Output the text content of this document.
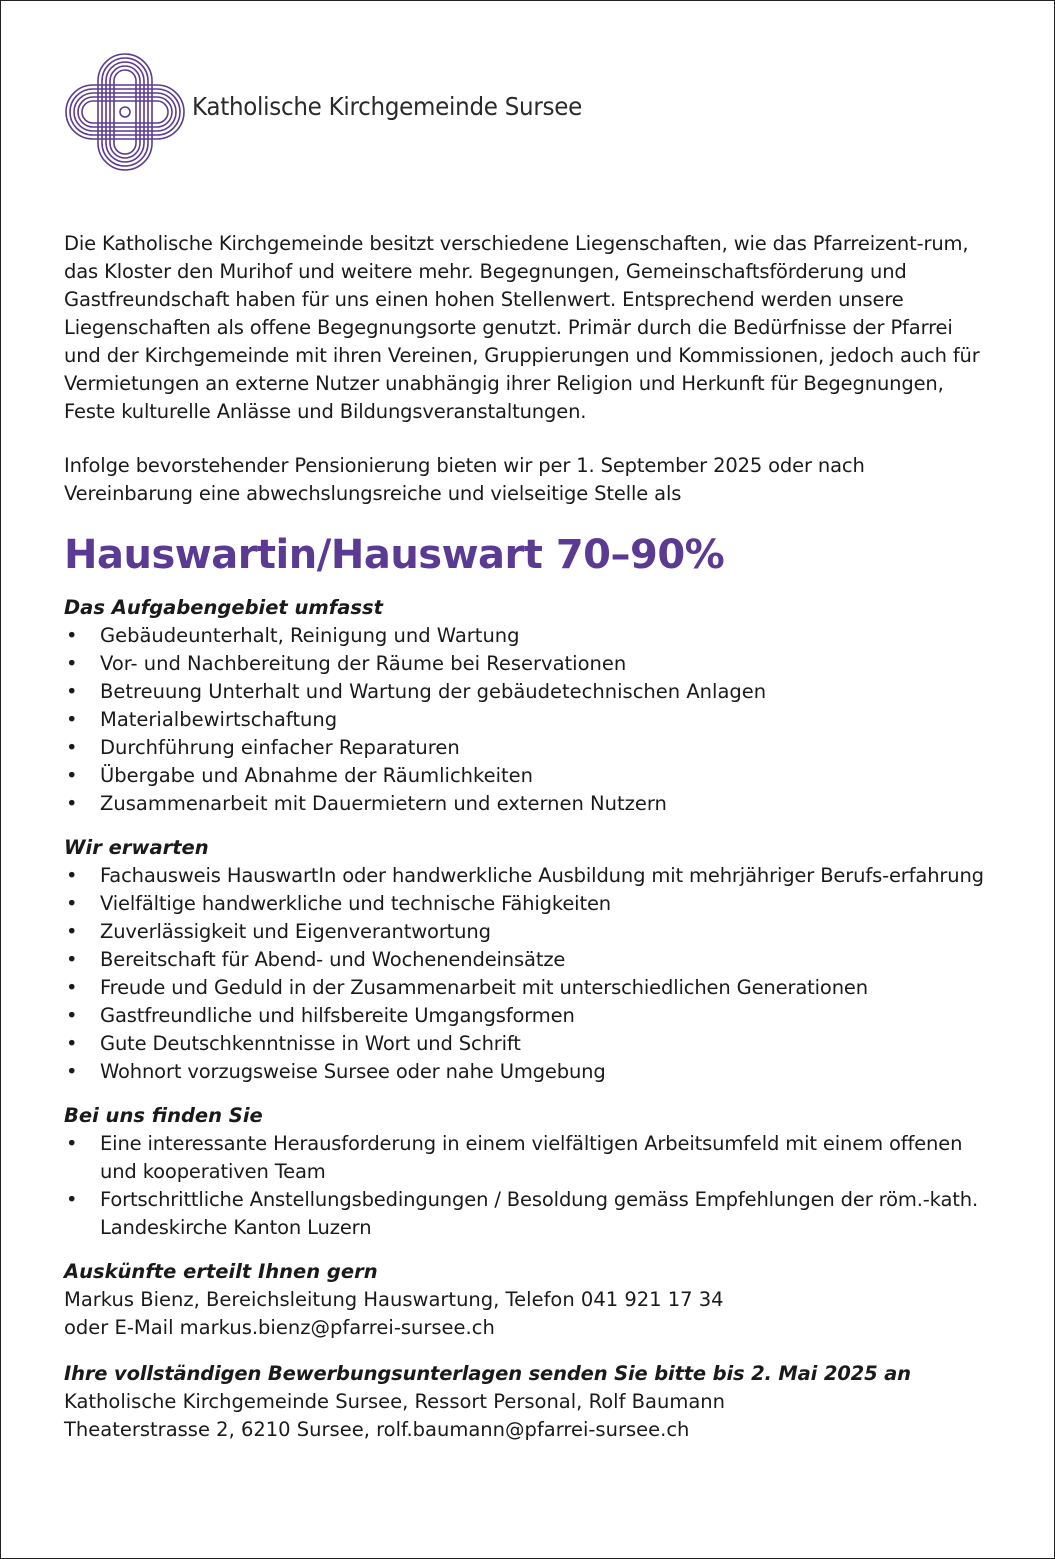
Katholische Kirchgemeinde Sursee

Die Katholische Kirchgemeinde besitzt verschiedene Liegenschaften, wie das Pfarreizent-rum, das Kloster den Murihof und weitere mehr. Begegnungen, Gemeinschaftsförderung und Gastfreundschaft haben für uns einen hohen Stellenwert. Entsprechend werden unsere Liegenschaften als offene Begegnungsorte genutzt. Primär durch die Bedürfnisse der Pfarrei und der Kirchgemeinde mit ihren Vereinen, Gruppierungen und Kommissionen, jedoch auch für Vermietungen an externe Nutzer unabhängig ihrer Religion und Herkunft für Begegnungen, Feste kulturelle Anlässe und Bildungsveranstaltungen.

Infolge bevorstehender Pensionierung bieten wir per 1. September 2025 oder nach Vereinbarung eine abwechslungsreiche und vielseitige Stelle als

Hauswartin/Hauswart 70–90%

Das Aufgabengebiet umfasst

• Gebäudeunterhalt, Reinigung und Wartung
• Vor- und Nachbereitung der Räume bei Reservationen
• Betreuung Unterhalt und Wartung der gebäudetechnischen Anlagen
• Materialbewirtschaftung
• Durchführung einfacher Reparaturen
• Übergabe und Abnahme der Räumlichkeiten
• Zusammenarbeit mit Dauermietern und externen Nutzern

Wir erwarten

• Fachausweis HauswartIn oder handwerkliche Ausbildung mit mehrjähriger Berufs-erfahrung
• Vielfältige handwerkliche und technische Fähigkeiten
• Zuverlässigkeit und Eigenverantwortung
• Bereitschaft für Abend- und Wochenendeinsätze
• Freude und Geduld in der Zusammenarbeit mit unterschiedlichen Generationen
• Gastfreundliche und hilfsbereite Umgangsformen
• Gute Deutschkenntnisse in Wort und Schrift
• Wohnort vorzugsweise Sursee oder nahe Umgebung

Bei uns finden Sie

• Eine interessante Herausforderung in einem vielfältigen Arbeitsumfeld mit einem offenen und kooperativen Team
• Fortschrittliche Anstellungsbedingungen / Besoldung gemäss Empfehlungen der röm.-kath. Landeskirche Kanton Luzern

Auskünfte erteilt Ihnen gern

Markus Bienz, Bereichsleitung Hauswartung, Telefon 041 921 17 34

oder E-Mail markus.bienz@pfarrei-sursee.ch

Ihre vollständigen Bewerbungsunterlagen senden Sie bitte bis 2. Mai 2025 an

Katholische Kirchgemeinde Sursee, Ressort Personal, Rolf Baumann

Theaterstrasse 2, 6210 Sursee, rolf.baumann@pfarrei-sursee.ch
